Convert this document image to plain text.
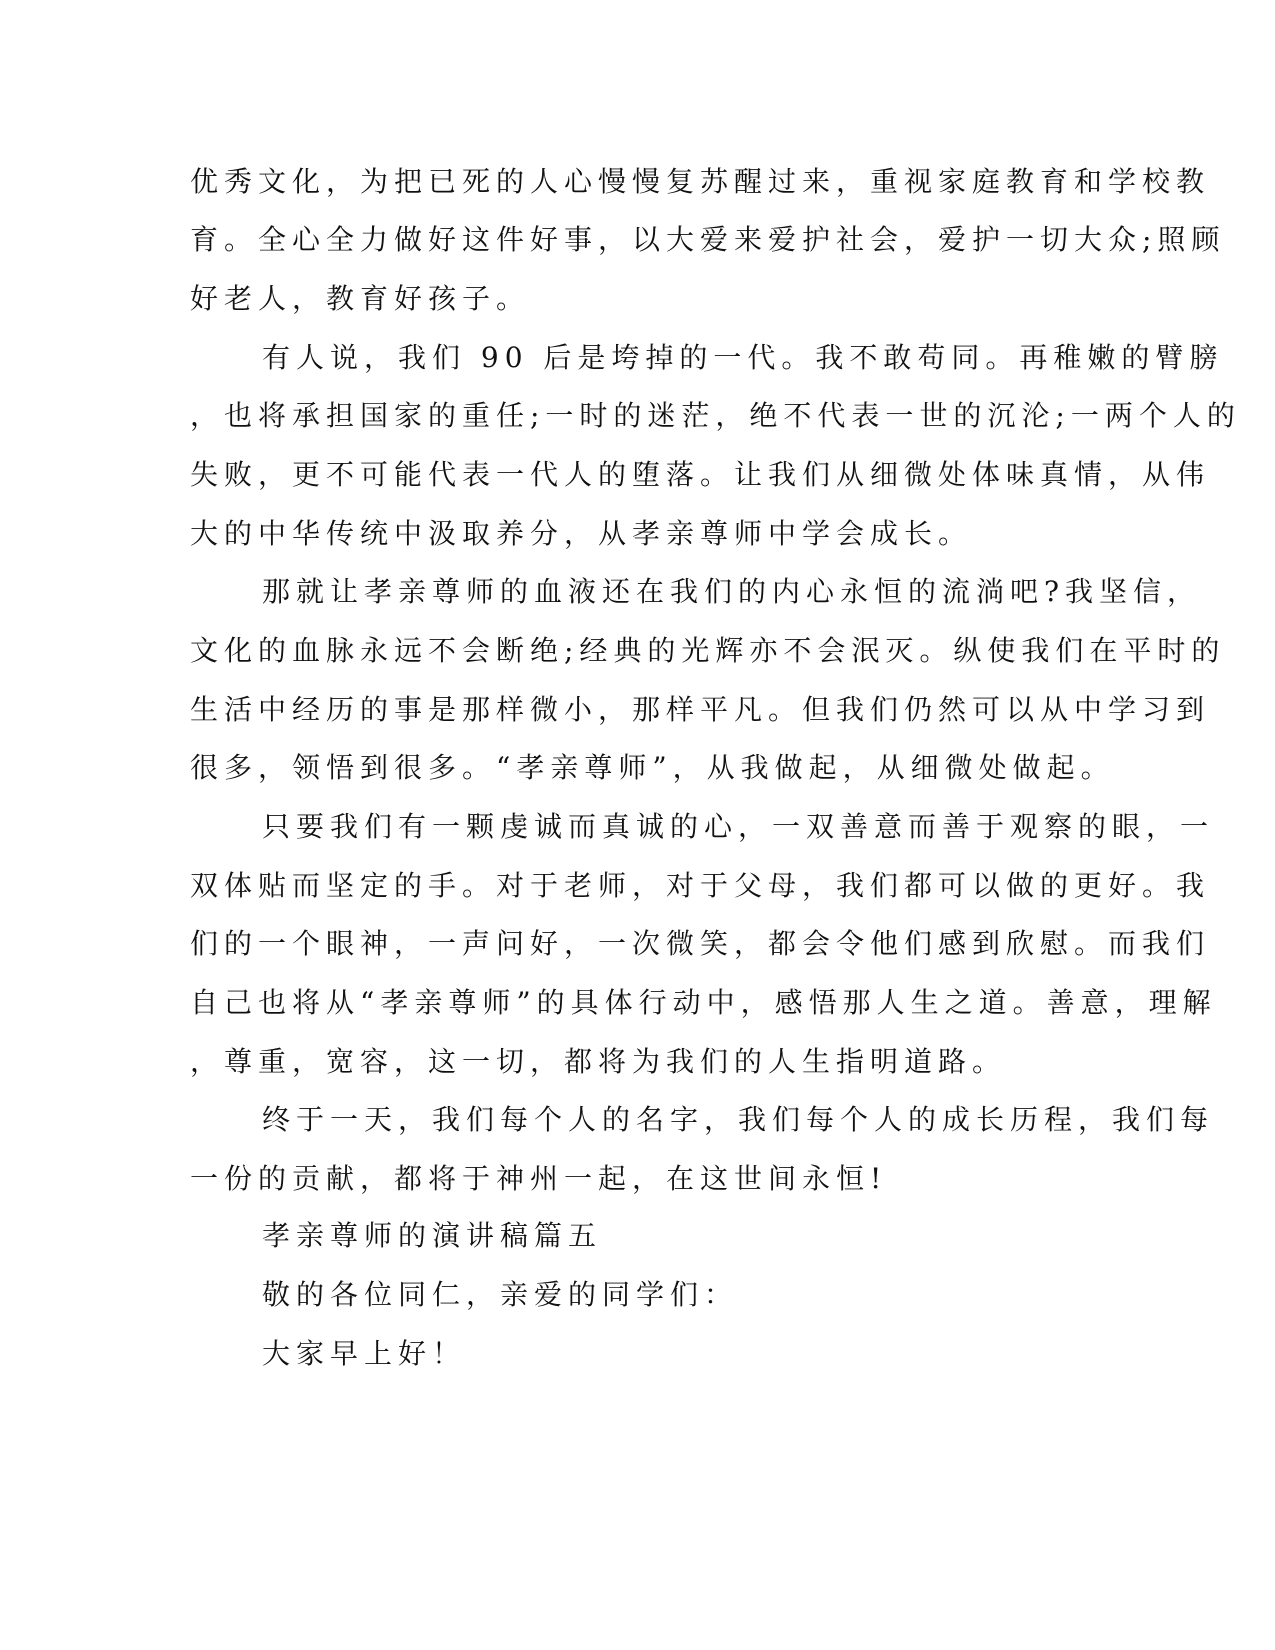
优秀文化，为把已死的人心慢慢复苏醒过来，重视家庭教育和学校教
育。全心全力做好这件好事，以大爱来爱护社会，爱护一切大众;照顾
好老人，教育好孩子。
有人说，我们 90 后是垮掉的一代。我不敢苟同。再稚嫩的臂膀
，也将承担国家的重任;一时的迷茫，绝不代表一世的沉沦;一两个人的
失败，更不可能代表一代人的堕落。让我们从细微处体味真情，从伟
大的中华传统中汲取养分，从孝亲尊师中学会成长。
那就让孝亲尊师的血液还在我们的内心永恒的流淌吧?我坚信，
文化的血脉永远不会断绝;经典的光辉亦不会泯灭。纵使我们在平时的
生活中经历的事是那样微小，那样平凡。但我们仍然可以从中学习到
很多，领悟到很多。“孝亲尊师”，从我做起，从细微处做起。
只要我们有一颗虔诚而真诚的心，一双善意而善于观察的眼，一
双体贴而坚定的手。对于老师，对于父母，我们都可以做的更好。我
们的一个眼神，一声问好，一次微笑，都会令他们感到欣慰。而我们
自己也将从“孝亲尊师”的具体行动中，感悟那人生之道。善意，理解
，尊重，宽容，这一切，都将为我们的人生指明道路。
终于一天，我们每个人的名字，我们每个人的成长历程，我们每
一份的贡献，都将于神州一起，在这世间永恒!
孝亲尊师的演讲稿篇五
敬的各位同仁，亲爱的同学们：
大家早上好！
